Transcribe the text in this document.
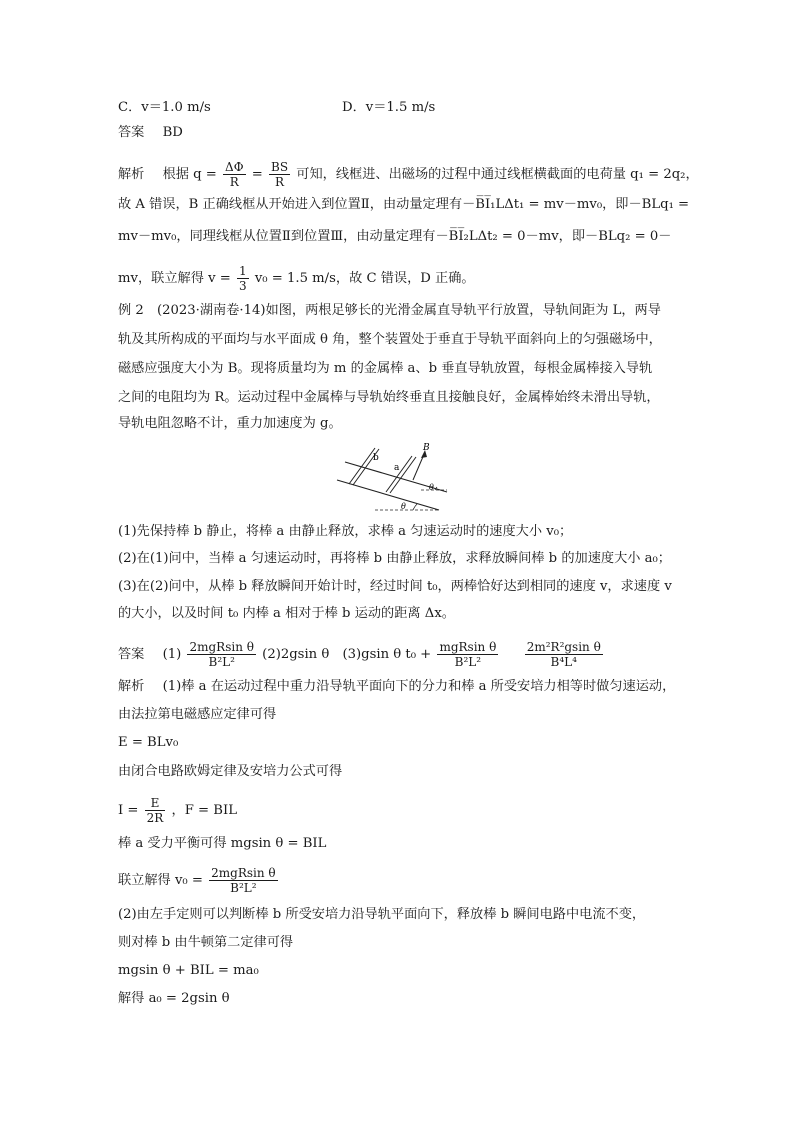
C．v＝1.0 m/s	D．v＝1.5 m/s
答案 BD
解析 根据 $q = \frac{\Delta\Phi}{R} = \frac{BS}{R}$ 可知，线框进、出磁场的过程中通过线框横截面的电荷量 q₁ = 2q₂，
故 A 错误，B 正确线框从开始进入到位置Ⅱ，由动量定理有－B̅I̅₁LΔt₁ = mv－mv₀，即－BLq₁ =
mv－mv₀，同理线框从位置Ⅱ到位置Ⅲ，由动量定理有－B̅I̅₂LΔt₂ = 0－mv，即－BLq₂ = 0－
mv，联立解得 $v = \frac{1}{3} v_0 = 1.5$ m/s，故 C 错误，D 正确。
例 2　(2023·湖南卷·14)如图，两根足够长的光滑金属直导轨平行放置，导轨间距为 L，两导
轨及其所构成的平面均与水平面成 θ 角，整个装置处于垂直于导轨平面斜向上的匀强磁场中，
磁感应强度大小为 B。现将质量均为 m 的金属棒 a、b 垂直导轨放置，每根金属棒接入导轨
之间的电阻均为 R。运动过程中金属棒与导轨始终垂直且接触良好，金属棒始终未滑出导轨，
导轨电阻忽略不计，重力加速度为 g。
b
a
B
θ
θ
(1)先保持棒 b 静止，将棒 a 由静止释放，求棒 a 匀速运动时的速度大小 v₀；
(2)在(1)问中，当棒 a 匀速运动时，再将棒 b 由静止释放，求释放瞬间棒 b 的加速度大小 a₀；
(3)在(2)问中，从棒 b 释放瞬间开始计时，经过时间 t₀，两棒恰好达到相同的速度 v，求速度 v
的大小，以及时间 t₀ 内棒 a 相对于棒 b 运动的距离 Δx。
答案 (1) 2mgRsin θ
B²L²	(2)2gsin θ　(3)gsin θ t₀ + mgRsin θ
B²L²
	$\frac{\text{2m²R²gsin θ}}{\text{B⁴L⁴}}$
解析 (1)棒 a 在运动过程中重力沿导轨平面向下的分力和棒 a 所受安培力相等时做匀速运动，
由法拉第电磁感应定律可得
E = BLv₀
由闭合电路欧姆定律及安培力公式可得
$I = \frac{E}{2R}$ ，F = BIL
棒 a 受力平衡可得 mgsin θ = BIL
联立解得 v₀ = 2mgRsin θ
B²L²
(2)由左手定则可以判断棒 b 所受安培力沿导轨平面向下，释放棒 b 瞬间电路中电流不变，
则对棒 b 由牛顿第二定律可得
mgsin θ + BIL = ma₀
解得 a₀ = 2gsin θ
